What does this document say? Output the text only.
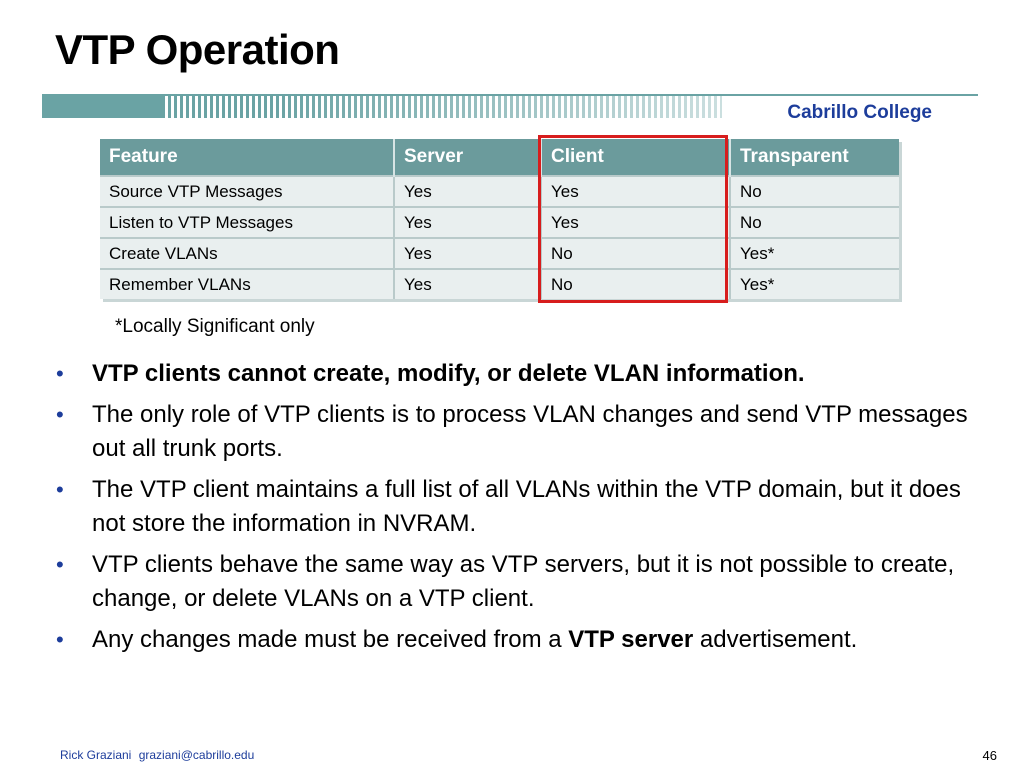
VTP Operation
Cabrillo College
Feature	Server	Client	Transparent
Source VTP Messages	Yes	Yes	No
Listen to VTP Messages	Yes	Yes	No
Create VLANs	Yes	No	Yes*
Remember VLANs	Yes	No	Yes*
*Locally Significant only
• VTP clients cannot create, modify, or delete VLAN information.
• The only role of VTP clients is to process VLAN changes and send VTP messages out all trunk ports.
• The VTP client maintains a full list of all VLANs within the VTP domain, but it does not store the information in NVRAM.
• VTP clients behave the same way as VTP servers, but it is not possible to create, change, or delete VLANs on a VTP client.
• Any changes made must be received from a VTP server advertisement.
Rick Graziani graziani@cabrillo.edu	46
